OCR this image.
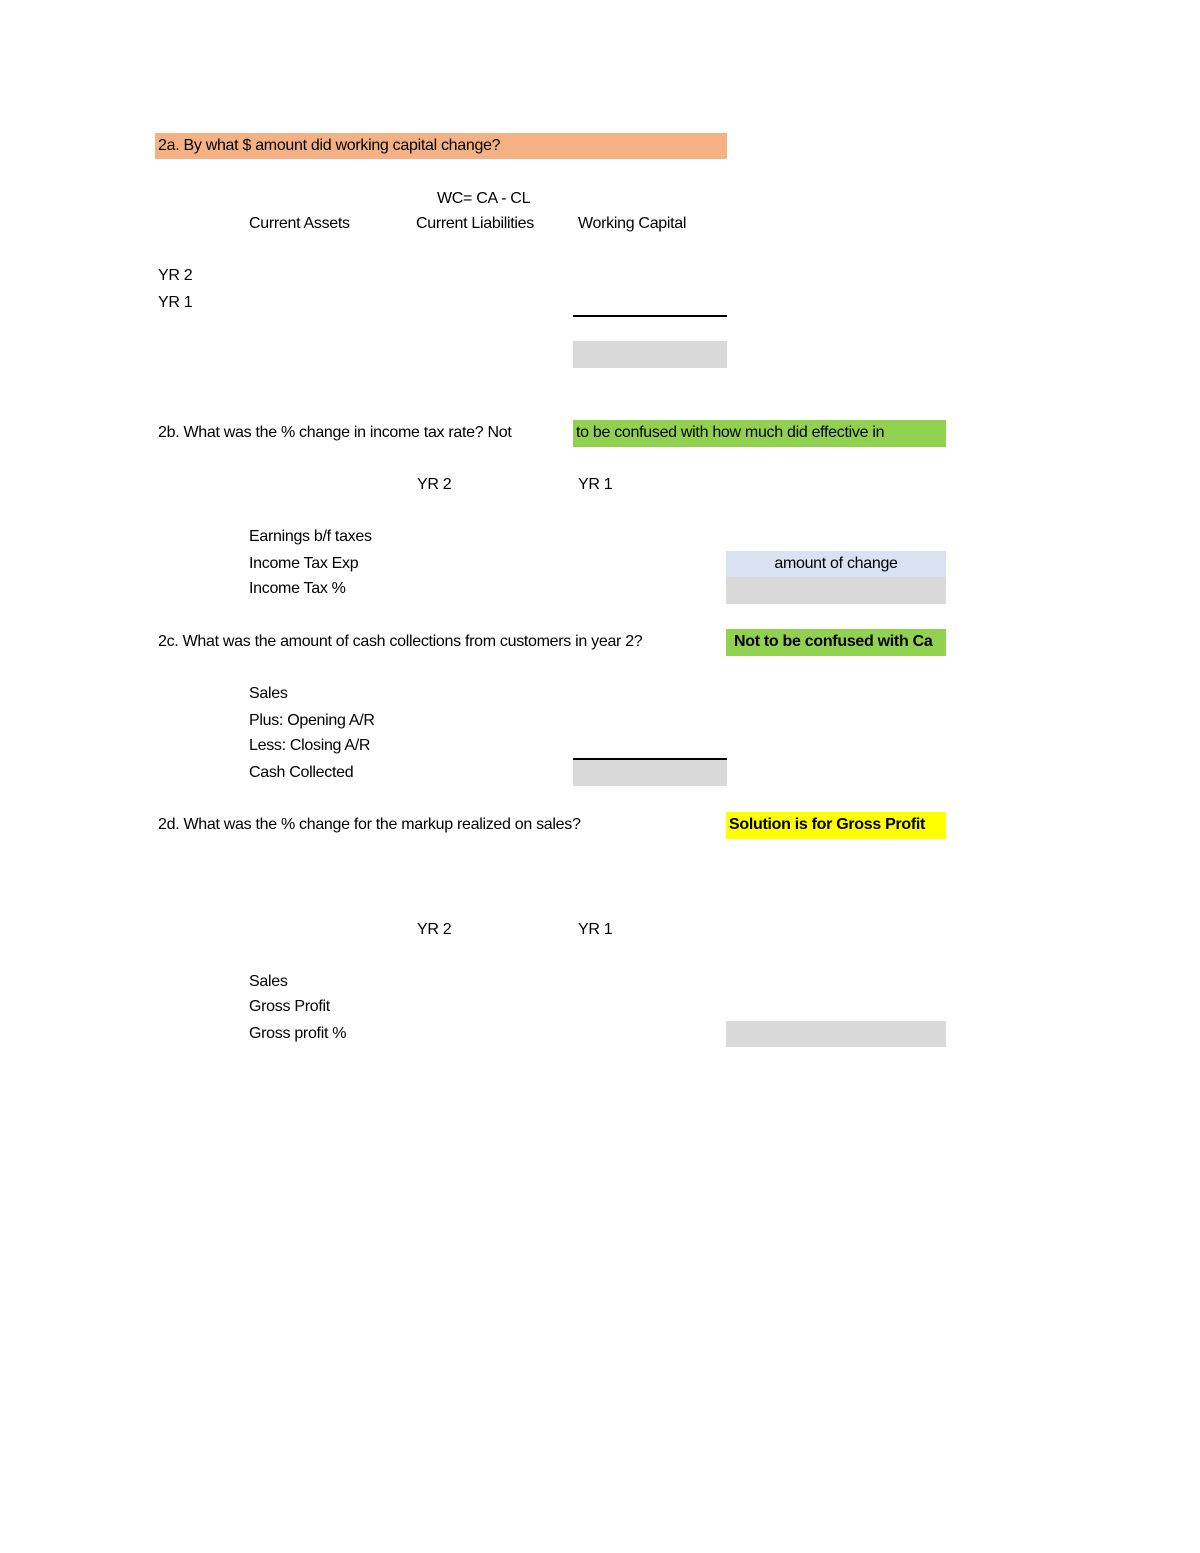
2a. By what $ amount did working capital change?
WC= CA - CL
Current Assets	Current Liabilities	Working Capital
YR 2
YR 1
2b. What was the % change in income tax rate? Not	to be confused with how much did effective in
YR 2	YR 1
Earnings b/f taxes
Income Tax Exp
Income Tax %
amount of change
2c. What was the amount of cash collections from customers in year 2?	Not to be confused with Ca
Sales
Plus: Opening A/R
Less: Closing A/R
Cash Collected
2d. What was the % change for the markup realized on sales?	Solution is for Gross Profit
YR 2	YR 1
Sales
Gross Profit
Gross profit %
